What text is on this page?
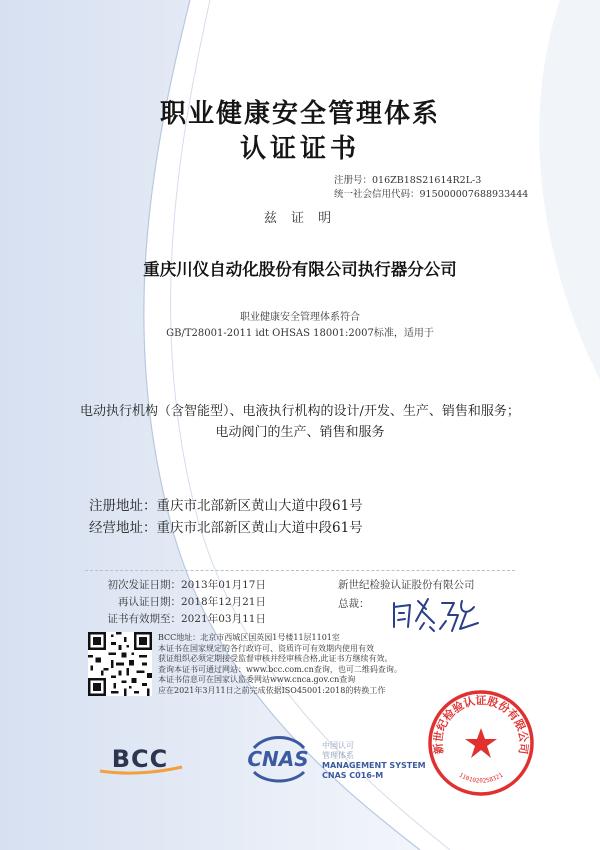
职业健康安全管理体系
认证证书
注册号：016ZB18S21614R2L-3
统一社会信用代码：915000007688933444
兹 证 明
重庆川仪自动化股份有限公司执行器分公司
职业健康安全管理体系符合
GB/T28001-2011 idt OHSAS 18001:2007标准，适用于
电动执行机构（含智能型）、电液执行机构的设计/开发、生产、销售和服务；
电动阀门的生产、销售和服务
注册地址：重庆市北部新区黄山大道中段61号
经营地址：重庆市北部新区黄山大道中段61号
初次发证日期：2013年01月17日
再认证日期：2018年12月21日
证书有效期至：2021年03月11日
新世纪检验认证股份有限公司
总裁：
BCC地址：北京市西城区国英园1号楼11层1101室
本证书在国家规定的各行政许可、资质许可有效期内使用有效
获证组织必须定期接受监督审核并经审核合格,此证书方继续有效。
查询本证书可通过网站：www.bcc.com.cn查询，也可二维码查询。
本证书信息可在国家认监委网站www.cnca.gov.cn查询
应在2021年3月11日之前完成依据ISO45001:2018的转换工作
BCC	CNAS
中国认可
管理体系
MANAGEMENT SYSTEM
CNAS C016-M
新世纪检验认证股份有限公司
1101020258321
